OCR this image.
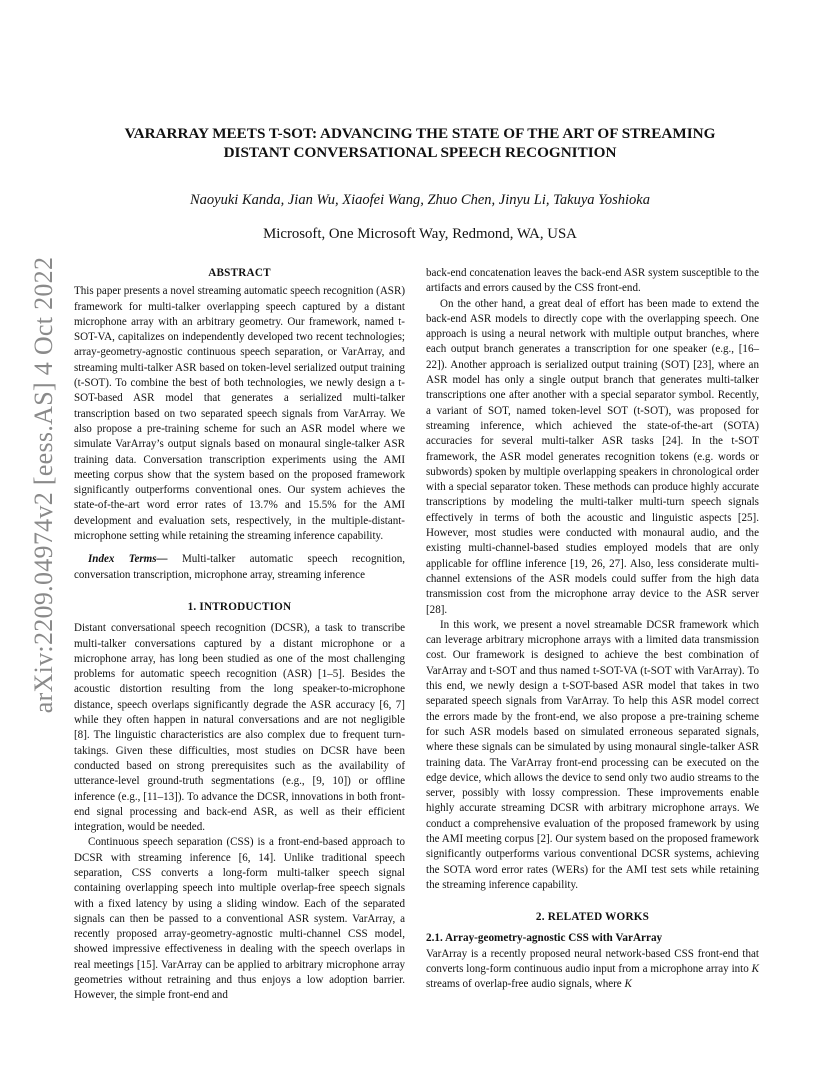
arXiv:2209.04974v2 [eess.AS] 4 Oct 2022

VARARRAY MEETS T-SOT: ADVANCING THE STATE OF THE ART OF STREAMING
DISTANT CONVERSATIONAL SPEECH RECOGNITION

Naoyuki Kanda, Jian Wu, Xiaofei Wang, Zhuo Chen, Jinyu Li, Takuya Yoshioka
Microsoft, One Microsoft Way, Redmond, WA, USA

ABSTRACT

This paper presents a novel streaming automatic speech recognition (ASR) framework for multi-talker overlapping speech captured by a distant microphone array with an arbitrary geometry. Our framework, named t-SOT-VA, capitalizes on independently developed two recent technologies; array-geometry-agnostic continuous speech separation, or VarArray, and streaming multi-talker ASR based on token-level serialized output training (t-SOT). To combine the best of both technologies, we newly design a t-SOT-based ASR model that generates a serialized multi-talker transcription based on two separated speech signals from VarArray. We also propose a pre-training scheme for such an ASR model where we simulate VarArray’s output signals based on monaural single-talker ASR training data. Conversation transcription experiments using the AMI meeting corpus show that the system based on the proposed framework significantly outperforms conventional ones. Our system achieves the state-of-the-art word error rates of 13.7% and 15.5% for the AMI development and evaluation sets, respectively, in the multiple-distant-microphone setting while retaining the streaming inference capability.

Index Terms— Multi-talker automatic speech recognition, conversation transcription, microphone array, streaming inference

1. INTRODUCTION

Distant conversational speech recognition (DCSR), a task to transcribe multi-talker conversations captured by a distant microphone or a microphone array, has long been studied as one of the most challenging problems for automatic speech recognition (ASR) [1–5]. Besides the acoustic distortion resulting from the long speaker-to-microphone distance, speech overlaps significantly degrade the ASR accuracy [6, 7] while they often happen in natural conversations and are not negligible [8]. The linguistic characteristics are also complex due to frequent turn-takings. Given these difficulties, most studies on DCSR have been conducted based on strong prerequisites such as the availability of utterance-level ground-truth segmentations (e.g., [9, 10]) or offline inference (e.g., [11–13]). To advance the DCSR, innovations in both front-end signal processing and back-end ASR, as well as their efficient integration, would be needed.

Continuous speech separation (CSS) is a front-end-based approach to DCSR with streaming inference [6, 14]. Unlike traditional speech separation, CSS converts a long-form multi-talker speech signal containing overlapping speech into multiple overlap-free speech signals with a fixed latency by using a sliding window. Each of the separated signals can then be passed to a conventional ASR system. VarArray, a recently proposed array-geometry-agnostic multi-channel CSS model, showed impressive effectiveness in dealing with the speech overlaps in real meetings [15]. VarArray can be applied to arbitrary microphone array geometries without retraining and thus enjoys a low adoption barrier. However, the simple front-end and

back-end concatenation leaves the back-end ASR system susceptible to the artifacts and errors caused by the CSS front-end.

On the other hand, a great deal of effort has been made to extend the back-end ASR models to directly cope with the overlapping speech. One approach is using a neural network with multiple output branches, where each output branch generates a transcription for one speaker (e.g., [16–22]). Another approach is serialized output training (SOT) [23], where an ASR model has only a single output branch that generates multi-talker transcriptions one after another with a special separator symbol. Recently, a variant of SOT, named token-level SOT (t-SOT), was proposed for streaming inference, which achieved the state-of-the-art (SOTA) accuracies for several multi-talker ASR tasks [24]. In the t-SOT framework, the ASR model generates recognition tokens (e.g. words or subwords) spoken by multiple overlapping speakers in chronological order with a special separator token. These methods can produce highly accurate transcriptions by modeling the multi-talker multi-turn speech signals effectively in terms of both the acoustic and linguistic aspects [25]. However, most studies were conducted with monaural audio, and the existing multi-channel-based studies employed models that are only applicable for offline inference [19, 26, 27]. Also, less considerate multi-channel extensions of the ASR models could suffer from the high data transmission cost from the microphone array device to the ASR server [28].

In this work, we present a novel streamable DCSR framework which can leverage arbitrary microphone arrays with a limited data transmission cost. Our framework is designed to achieve the best combination of VarArray and t-SOT and thus named t-SOT-VA (t-SOT with VarArray). To this end, we newly design a t-SOT-based ASR model that takes in two separated speech signals from VarArray. To help this ASR model correct the errors made by the front-end, we also propose a pre-training scheme for such ASR models based on simulated erroneous separated signals, where these signals can be simulated by using monaural single-talker ASR training data. The VarArray front-end processing can be executed on the edge device, which allows the device to send only two audio streams to the server, possibly with lossy compression. These improvements enable highly accurate streaming DCSR with arbitrary microphone arrays. We conduct a comprehensive evaluation of the proposed framework by using the AMI meeting corpus [2]. Our system based on the proposed framework significantly outperforms various conventional DCSR systems, achieving the SOTA word error rates (WERs) for the AMI test sets while retaining the streaming inference capability.

2. RELATED WORKS

2.1. Array-geometry-agnostic CSS with VarArray

VarArray is a recently proposed neural network-based CSS front-end that converts long-form continuous audio input from a microphone array into K streams of overlap-free audio signals, where K
